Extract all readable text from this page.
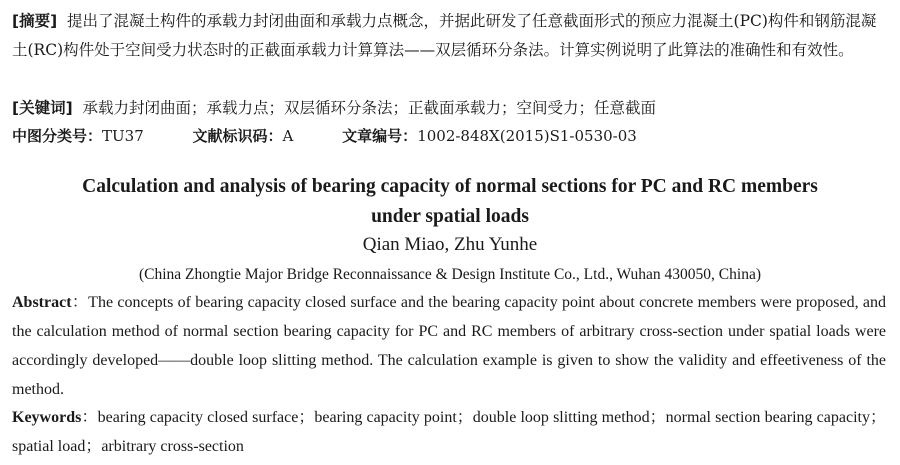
[摘要] 提出了混凝土构件的承载力封闭曲面和承载力点概念，并据此研发了任意截面形式的预应力混凝土(PC)构件和钢筋混凝土(RC)构件处于空间受力状态时的正截面承载力计算算法——双层循环分条法。计算实例说明了此算法的准确性和有效性。

[关键词] 承载力封闭曲面；承载力点；双层循环分条法；正截面承载力；空间受力；任意截面

中图分类号：TU37	文献标识码：A	文章编号：1002-848X(2015)S1-0530-03
Calculation and analysis of bearing capacity of normal sections for PC and RC members under spatial loads

Qian Miao, Zhu Yunhe

(China Zhongtie Major Bridge Reconnaissance & Design Institute Co., Ltd., Wuhan 430050, China)

Abstract：The concepts of bearing capacity closed surface and the bearing capacity point about concrete members were proposed, and the calculation method of normal section bearing capacity for PC and RC members of arbitrary cross-section under spatial loads were accordingly developed——double loop slitting method. The calculation example is given to show the validity and effeetiveness of the method.

Keywords：bearing capacity closed surface；bearing capacity point；double loop slitting method；normal section bearing capacity；spatial load；arbitrary cross-section
